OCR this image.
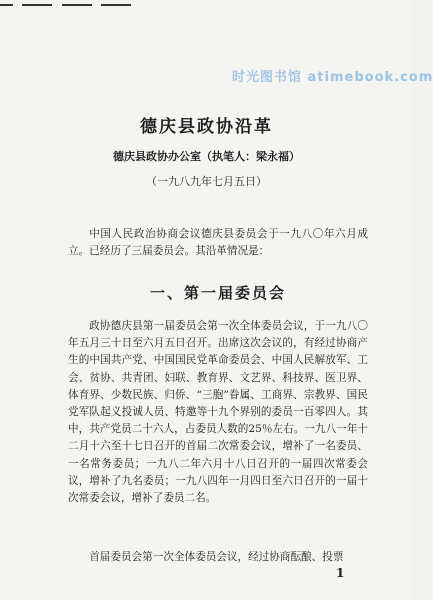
时光图书馆 atimebook.com
德庆县政协沿革
德庆县政协办公室（执笔人：梁永福）
（一九八九年七月五日）

中国人民政治协商会议德庆县委员会于一九八〇年六月成立。已经历了三届委员会。其沿革情况是：

一、第一届委员会

政协德庆县第一届委员会第一次全体委员会议，于一九八〇年五月三十日至六月五日召开。出席这次会议的，有经过协商产生的中国共产党、中国国民党革命委员会、中国人民解放军、工会、贫协、共青团、妇联、教育界、文艺界、科技界、医卫界、体育界、少数民族、归侨、“三胞”眷属、工商界、宗教界、国民党军队起义投诚人员、特邀等十九个界别的委员一百零四人。其中，共产党员二十六人，占委员人数的25％左右。一九八一年十二月十六至十七日召开的首届二次常委会议，增补了一名委员、一名常务委员；一九八二年六月十八日召开的一届四次常委会议，增补了九名委员；一九八四年一月四日至六日召开的一届十次常委会议，增补了委员二名。

首届委员会第一次全体委员会议，经过协商酝酿、投票

1
